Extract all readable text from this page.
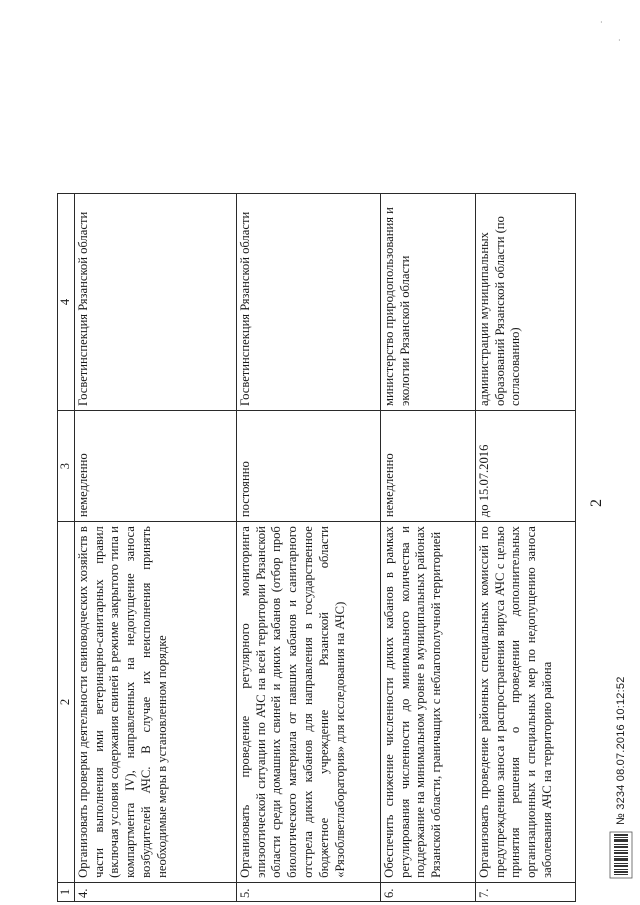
1	2	3	4	
4.	Организовать проверки деятельности свиноводческих хозяйств в части выполнения ими ветеринарно-санитарных правил (включая условия содержания свиней в режиме закрытого типа и компартмента IV), направленных на недопущение заноса возбудителей АЧС. В случае их неисполнения принять необходимые меры в установленном порядке	немедленно	Госветинспекция Рязанской области	
5.	Организовать проведение регулярного мониторинга эпизоотической ситуации по АЧС на всей территории Рязанской области среди домашних свиней и диких кабанов (отбор проб биологического материала от павших кабанов и санитарного отстрела диких кабанов для направления в государственное бюджетное учреждение Рязанской области «Рязоблветлаборатория» для исследования на АЧС)	постоянно	Госветинспекция Рязанской области	
6.	Обеспечить снижение численности диких кабанов в рамках регулирования численности до минимального количества и поддержание на минимальном уровне в муниципальных районах Рязанской области, граничащих с неблагополучной территорией	немедленно	министерство природопользования и экологии Рязанской области	
7.	Организовать проведение районных специальных комиссий по предупреждению заноса и распространения вируса АЧС с целью принятия решения о проведении дополнительных организационных и специальных мер по недопущению заноса заболевания АЧС на территорию района	до 15.07.2016	администрации муниципальных образований Рязанской области (по согласованию)	
2
№ 3234 08.07.2016 10:12:52
·
·
